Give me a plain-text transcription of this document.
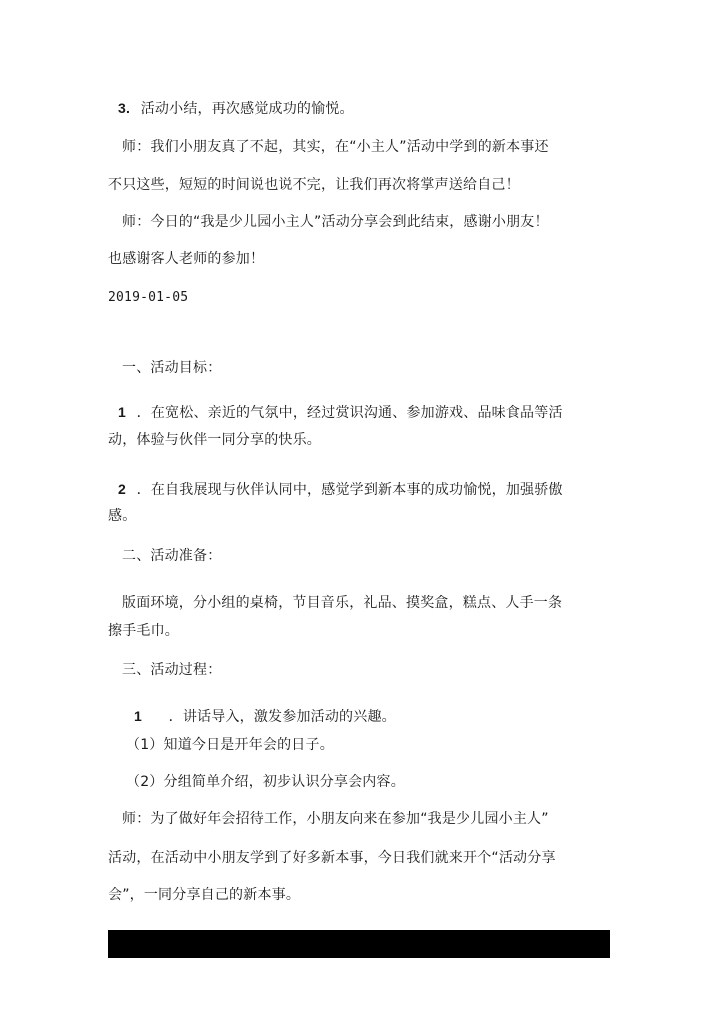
3. 活动小结，再次感觉成功的愉悦。
师：我们小朋友真了不起，其实，在“小主人”活动中学到的新本事还
不只这些，短短的时间说也说不完，让我们再次将掌声送给自己！
师：今日的“我是少儿园小主人”活动分享会到此结束，感谢小朋友！
也感谢客人老师的参加！
2019-01-05
一、活动目标：
1 ．在宽松、亲近的气氛中，经过赏识沟通、参加游戏、品味食品等活
动，体验与伙伴一同分享的快乐。
2 ．在自我展现与伙伴认同中，感觉学到新本事的成功愉悦，加强骄傲
感。
二、活动准备：
版面环境，分小组的桌椅，节目音乐，礼品、摸奖盒，糕点、人手一条
擦手毛巾。
三、活动过程：
1 ．讲话导入，激发参加活动的兴趣。
（1）知道今日是开年会的日子。
（2）分组简单介绍，初步认识分享会内容。
师：为了做好年会招待工作，小朋友向来在参加“我是少儿园小主人”
活动，在活动中小朋友学到了好多新本事，今日我们就来开个“活动分享
会”，一同分享自己的新本事。
